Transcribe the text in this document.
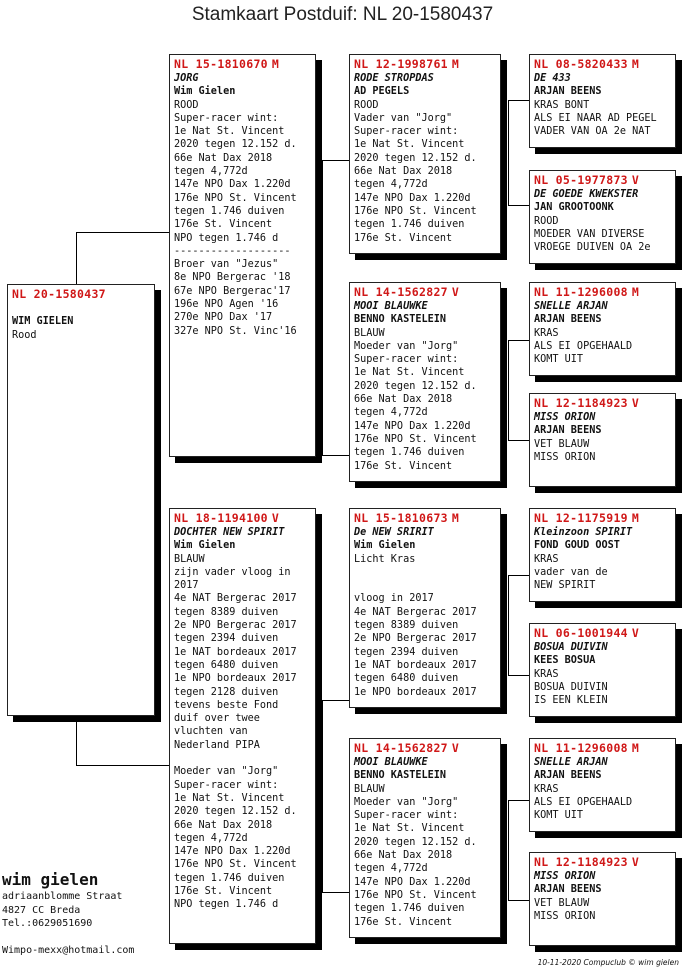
Stamkaart Postduif: NL 20-1580437
NL 20-1580437
WIM GIELEN
Rood
NL 15-1810670 M
JORG
Wim Gielen
ROOD
Super-racer wint:
1e Nat St. Vincent
2020 tegen 12.152 d.
66e Nat Dax 2018
tegen 4,772d
147e NPO Dax 1.220d
176e NPO St. Vincent
tegen 1.746 duiven
176e St. Vincent
NPO tegen 1.746 d
-------------------
Broer van "Jezus"
8e NPO Bergerac '18
67e NPO Bergerac'17
196e NPO Agen '16
270e NPO Dax '17
327e NPO St. Vinc'16
NL 18-1194100 V
DOCHTER NEW SPIRIT
Wim Gielen
BLAUW
zijn vader vloog in
2017
4e NAT Bergerac 2017
tegen 8389 duiven
2e NPO Bergerac 2017
tegen 2394 duiven
1e NAT bordeaux 2017
tegen 6480 duiven
1e NPO bordeaux 2017
tegen 2128 duiven
tevens beste Fond
duif over twee
vluchten van
Nederland PIPA
Moeder van "Jorg"
Super-racer wint:
1e Nat St. Vincent
2020 tegen 12.152 d.
66e Nat Dax 2018
tegen 4,772d
147e NPO Dax 1.220d
176e NPO St. Vincent
tegen 1.746 duiven
176e St. Vincent
NPO tegen 1.746 d
NL 12-1998761 M
RODE STROPDAS
AD PEGELS
ROOD
Vader van "Jorg"
Super-racer wint:
1e Nat St. Vincent
2020 tegen 12.152 d.
66e Nat Dax 2018
tegen 4,772d
147e NPO Dax 1.220d
176e NPO St. Vincent
tegen 1.746 duiven
176e St. Vincent
NL 14-1562827 V
MOOI BLAUWKE
BENNO KASTELEIN
BLAUW
Moeder van "Jorg"
Super-racer wint:
1e Nat St. Vincent
2020 tegen 12.152 d.
66e Nat Dax 2018
tegen 4,772d
147e NPO Dax 1.220d
176e NPO St. Vincent
tegen 1.746 duiven
176e St. Vincent
NL 15-1810673 M
De NEW SRIRIT
Wim Gielen
Licht Kras
vloog in 2017
4e NAT Bergerac 2017
tegen 8389 duiven
2e NPO Bergerac 2017
tegen 2394 duiven
1e NAT bordeaux 2017
tegen 6480 duiven
1e NPO bordeaux 2017
NL 14-1562827 V
MOOI BLAUWKE
BENNO KASTELEIN
BLAUW
Moeder van "Jorg"
Super-racer wint:
1e Nat St. Vincent
2020 tegen 12.152 d.
66e Nat Dax 2018
tegen 4,772d
147e NPO Dax 1.220d
176e NPO St. Vincent
tegen 1.746 duiven
176e St. Vincent
NL 08-5820433 M
DE 433
ARJAN BEENS
KRAS BONT
ALS EI NAAR AD PEGEL
VADER VAN OA 2e NAT
NL 05-1977873 V
DE GOEDE KWEKSTER
JAN GROOTOONK
ROOD
MOEDER VAN DIVERSE
VROEGE DUIVEN OA 2e
NL 11-1296008 M
SNELLE ARJAN
ARJAN BEENS
KRAS
ALS EI OPGEHAALD
KOMT UIT
NL 12-1184923 V
MISS ORION
ARJAN BEENS
VET BLAUW
MISS ORION
NL 12-1175919 M
Kleinzoon SPIRIT
FOND GOUD OOST
KRAS
vader van de
NEW SPIRIT
NL 06-1001944 V
BOSUA DUIVIN
KEES BOSUA
KRAS
BOSUA DUIVIN
IS EEN KLEIN
NL 11-1296008 M
SNELLE ARJAN
ARJAN BEENS
KRAS
ALS EI OPGEHAALD
KOMT UIT
NL 12-1184923 V
MISS ORION
ARJAN BEENS
VET BLAUW
MISS ORION
wim gielen
adriaanblomme Straat
4827 CC Breda
Tel.:0629051690
Wimpo-mexx@hotmail.com
10-11-2020 Compuclub © wim gielen
